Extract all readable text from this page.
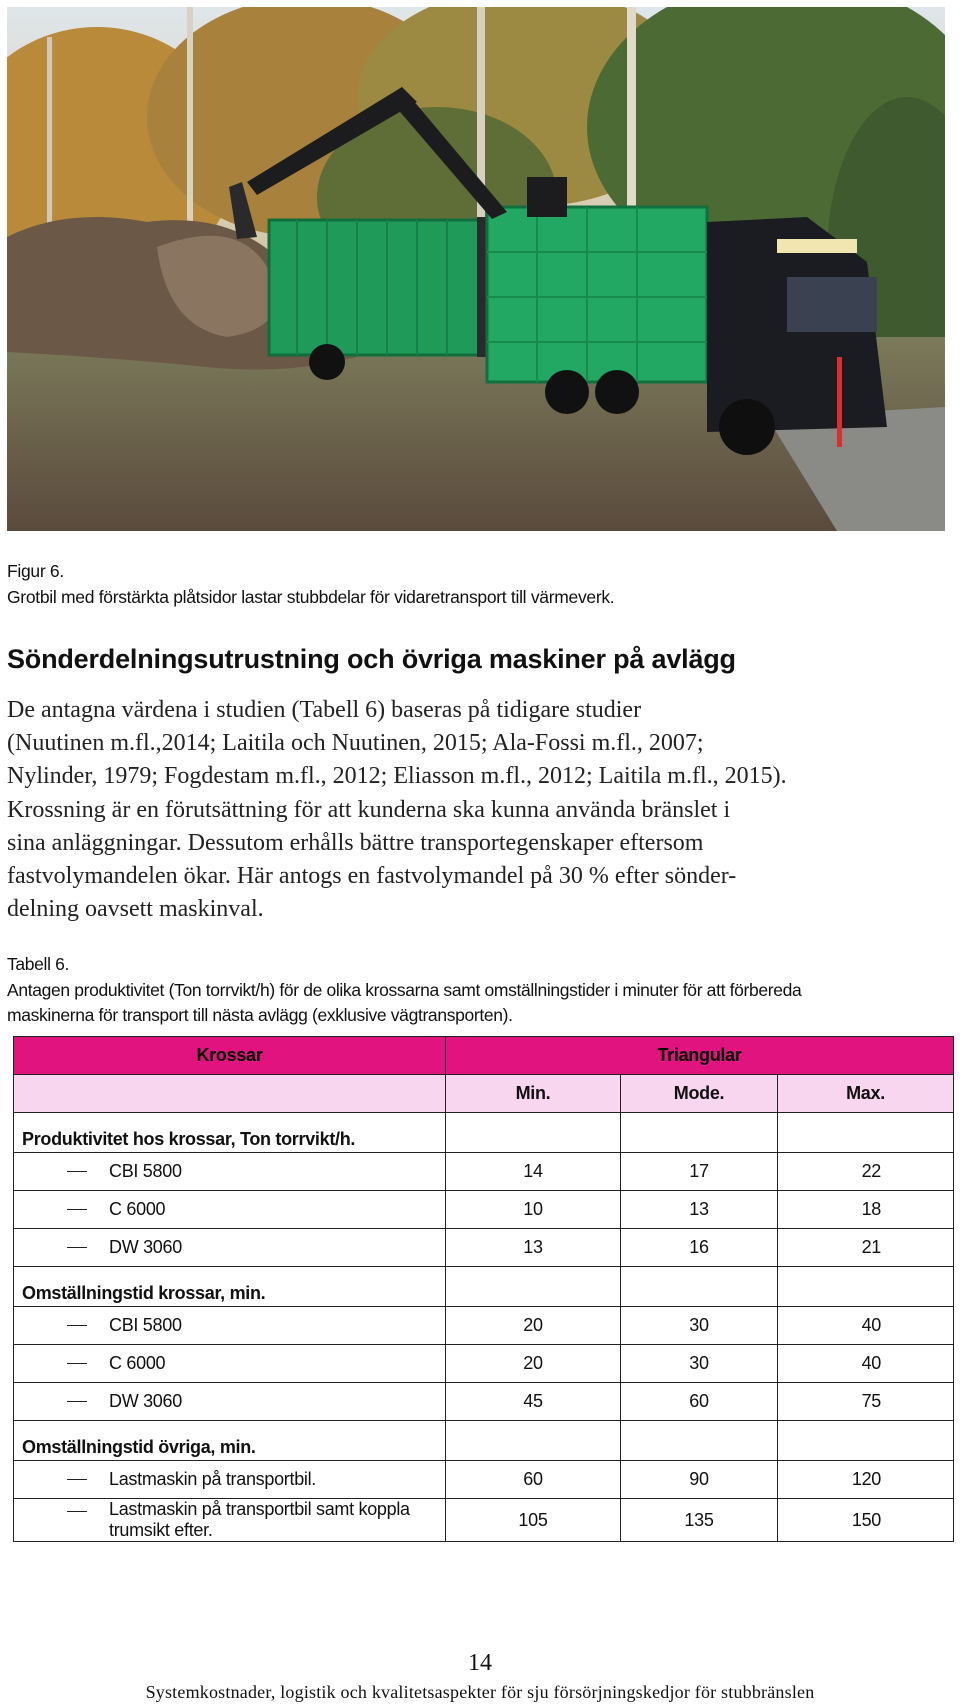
Figur 6.
Grotbil med förstärkta plåtsidor lastar stubbdelar för vidaretransport till värmeverk.
Sönderdelningsutrustning och övriga maskiner på avlägg
De antagna värdena i studien (Tabell 6) baseras på tidigare studier
(Nuutinen m.fl.,2014; Laitila och Nuutinen, 2015; Ala-Fossi m.fl., 2007;
Nylinder, 1979; Fogdestam m.fl., 2012; Eliasson m.fl., 2012; Laitila m.fl., 2015).
Krossning är en förutsättning för att kunderna ska kunna använda bränslet i
sina anläggningar. Dessutom erhålls bättre transportegenskaper eftersom
fastvolymandelen ökar. Här antogs en fastvolymandel på 30 % efter sönder-
delning oavsett maskinval.
Tabell 6.
Antagen produktivitet (Ton torrvikt/h) för de olika krossarna samt omställningstider i minuter för att förbereda
maskinerna för transport till nästa avlägg (exklusive vägtransporten).
Krossar	Triangular		
	Min.	Mode.	Max.
Produktivitet hos krossar, Ton torrvikt/h.			

CBI 5800	14	17	22

C 6000	10	13	18

DW 3060	13	16	21
Omställningstid krossar, min.			

CBI 5800	20	30	40

C 6000	20	30	40

DW 3060	45	60	75
Omställningstid övriga, min.			

Lastmaskin på transportbil.	60	90	120

Lastmaskin på transportbil samt koppla
trumsikt efter.	105	135	150
14
Systemkostnader, logistik och kvalitetsaspekter för sju försörjningskedjor för stubbränslen
